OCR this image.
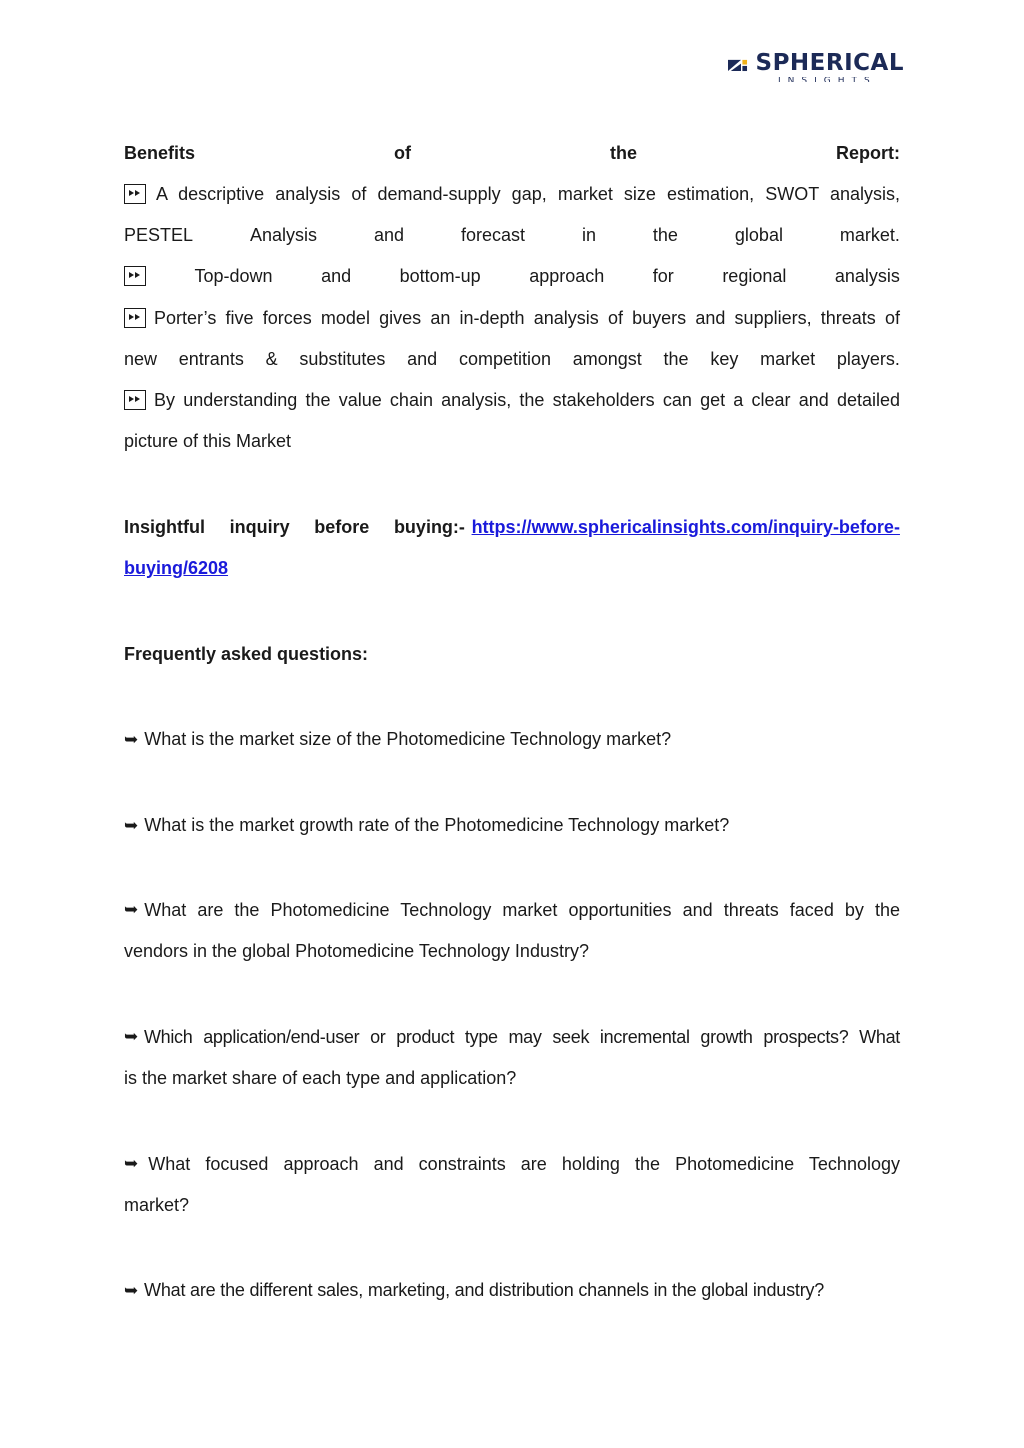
SPHERICAL
INSIGHTS
Benefits	of	the	Report:
A descriptive analysis of demand-supply gap, market size estimation, SWOT analysis,
PESTEL	Analysis	and	forecast	in	the	global	market.
Top-down	and	bottom-up	approach	for	regional	analysis
Porter’s five forces model gives an in-depth analysis of buyers and suppliers, threats of
new entrants & substitutes and competition amongst the key market players.
By understanding the value chain analysis, the stakeholders can get a clear and detailed
picture of this Market
Insightful inquiry before buying:- https://www.sphericalinsights.com/inquiry-before-
buying/6208
Frequently asked questions:
➥ What is the market size of the Photomedicine Technology market?
➥ What is the market growth rate of the Photomedicine Technology market?
➥ What are the Photomedicine Technology market opportunities and threats faced by the
vendors in the global Photomedicine Technology Industry?
➥ Which application/end-user or product type may seek incremental growth prospects? What
is the market share of each type and application?
➥ What focused approach and constraints are holding the Photomedicine Technology
market?
➥ What are the different sales, marketing, and distribution channels in the global industry?
